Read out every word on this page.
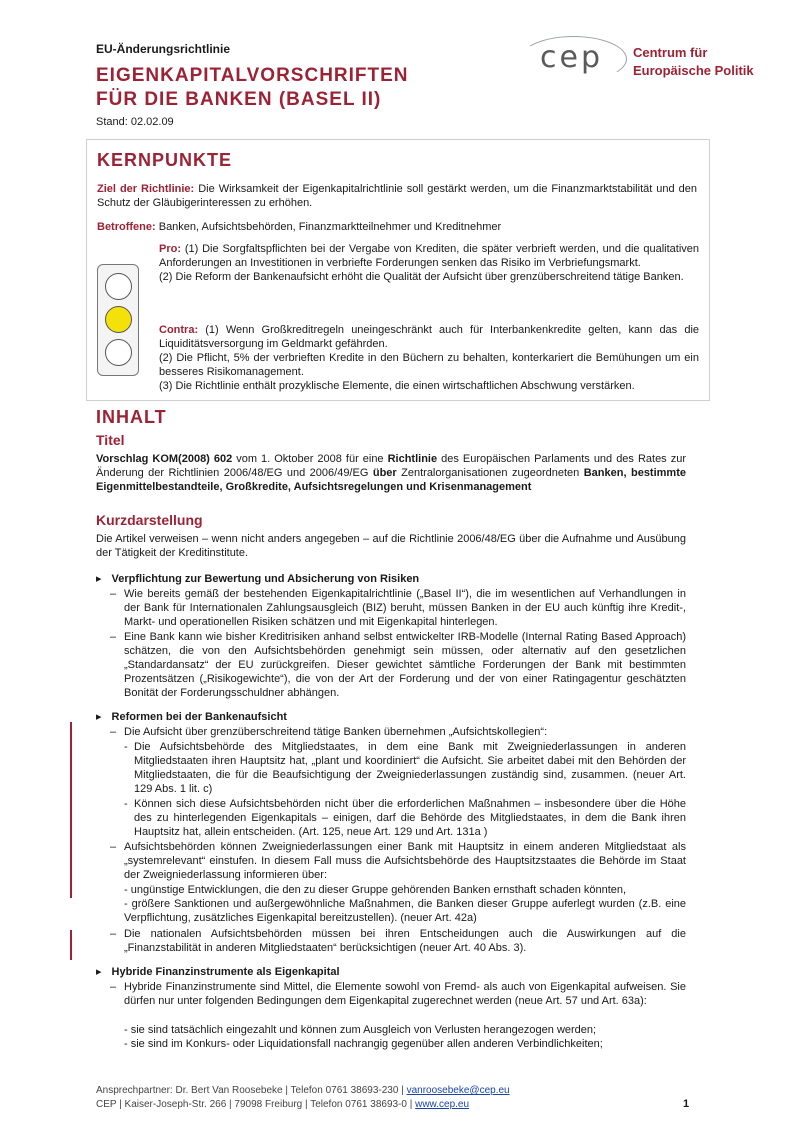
EU-Änderungsrichtlinie
EIGENKAPITALVORSCHRIFTEN
FÜR DIE BANKEN (BASEL II)
Stand: 02.02.09
cep Centrum für
Europäische Politik
KERNPUNKTE
Ziel der Richtlinie: Die Wirksamkeit der Eigenkapitalrichtlinie soll gestärkt werden, um die Finanzmarktstabilität und den Schutz der Gläubigerinteressen zu erhöhen.
Betroffene: Banken, Aufsichtsbehörden, Finanzmarktteilnehmer und Kreditnehmer
Pro: (1) Die Sorgfaltspflichten bei der Vergabe von Krediten, die später verbrieft werden, und die qualitativen Anforderungen an Investitionen in verbriefte Forderungen senken das Risiko im Verbriefungsmarkt.
(2) Die Reform der Bankenaufsicht erhöht die Qualität der Aufsicht über grenzüberschreitend tätige Banken.
Contra: (1) Wenn Großkreditregeln uneingeschränkt auch für Interbankenkredite gelten, kann das die Liquiditätsversorgung im Geldmarkt gefährden.
(2) Die Pflicht, 5% der verbrieften Kredite in den Büchern zu behalten, konterkariert die Bemühungen um ein besseres Risikomanagement.
(3) Die Richtlinie enthält prozyklische Elemente, die einen wirtschaftlichen Abschwung verstärken.
INHALT
Titel
Vorschlag KOM(2008) 602 vom 1. Oktober 2008 für eine Richtlinie des Europäischen Parlaments und des Rates zur Änderung der Richtlinien 2006/48/EG und 2006/49/EG über Zentralorganisationen zugeordneten Banken, bestimmte Eigenmittelbestandteile, Großkredite, Aufsichtsregelungen und Krisenmanagement
Kurzdarstellung
Die Artikel verweisen – wenn nicht anders angegeben – auf die Richtlinie 2006/48/EG über die Aufnahme und Ausübung der Tätigkeit der Kreditinstitute.
▸ Verpflichtung zur Bewertung und Absicherung von Risiken
– Wie bereits gemäß der bestehenden Eigenkapitalrichtlinie („Basel II“), die im wesentlichen auf Verhandlungen in der Bank für Internationalen Zahlungsausgleich (BIZ) beruht, müssen Banken in der EU auch künftig ihre Kredit-, Markt- und operationellen Risiken schätzen und mit Eigenkapital hinterlegen.
– Eine Bank kann wie bisher Kreditrisiken anhand selbst entwickelter IRB-Modelle (Internal Rating Based Approach) schätzen, die von den Aufsichtsbehörden genehmigt sein müssen, oder alternativ auf den gesetzlichen „Standardansatz“ der EU zurückgreifen. Dieser gewichtet sämtliche Forderungen der Bank mit bestimmten Prozentsätzen („Risikogewichte“), die von der Art der Forderung und der von einer Ratingagentur geschätzten Bonität der Forderungsschuldner abhängen.
▸ Reformen bei der Bankenaufsicht
– Die Aufsicht über grenzüberschreitend tätige Banken übernehmen „Aufsichtskollegien“:
- Die Aufsichtsbehörde des Mitgliedstaates, in dem eine Bank mit Zweigniederlassungen in anderen Mitgliedstaaten ihren Hauptsitz hat, „plant und koordiniert“ die Aufsicht. Sie arbeitet dabei mit den Behörden der Mitgliedstaaten, die für die Beaufsichtigung der Zweigniederlassungen zuständig sind, zusammen. (neuer Art. 129 Abs. 1 lit. c)
- Können sich diese Aufsichtsbehörden nicht über die erforderlichen Maßnahmen – insbesondere über die Höhe des zu hinterlegenden Eigenkapitals – einigen, darf die Behörde des Mitgliedstaates, in dem die Bank ihren Hauptsitz hat, allein entscheiden. (Art. 125, neue Art. 129 und Art. 131a )
– Aufsichtsbehörden können Zweigniederlassungen einer Bank mit Hauptsitz in einem anderen Mitgliedstaat als „systemrelevant“ einstufen. In diesem Fall muss die Aufsichtsbehörde des Hauptsitzstaates die Behörde im Staat der Zweigniederlassung informieren über:
- ungünstige Entwicklungen, die den zu dieser Gruppe gehörenden Banken ernsthaft schaden könnten,
- größere Sanktionen und außergewöhnliche Maßnahmen, die Banken dieser Gruppe auferlegt wurden (z.B. eine Verpflichtung, zusätzliches Eigenkapital bereitzustellen). (neuer Art. 42a)
– Die nationalen Aufsichtsbehörden müssen bei ihren Entscheidungen auch die Auswirkungen auf die „Finanzstabilität in anderen Mitgliedstaaten“ berücksichtigen (neuer Art. 40 Abs. 3).
▸ Hybride Finanzinstrumente als Eigenkapital
– Hybride Finanzinstrumente sind Mittel, die Elemente sowohl von Fremd- als auch von Eigenkapital aufweisen. Sie dürfen nur unter folgenden Bedingungen dem Eigenkapital zugerechnet werden (neue Art. 57 und Art. 63a):
- sie sind tatsächlich eingezahlt und können zum Ausgleich von Verlusten herangezogen werden;
- sie sind im Konkurs- oder Liquidationsfall nachrangig gegenüber allen anderen Verbindlichkeiten;
Ansprechpartner: Dr. Bert Van Roosebeke | Telefon 0761 38693-230 | vanroosebeke@cep.eu
CEP | Kaiser-Joseph-Str. 266 | 79098 Freiburg | Telefon 0761 38693-0 | www.cep.eu	1
